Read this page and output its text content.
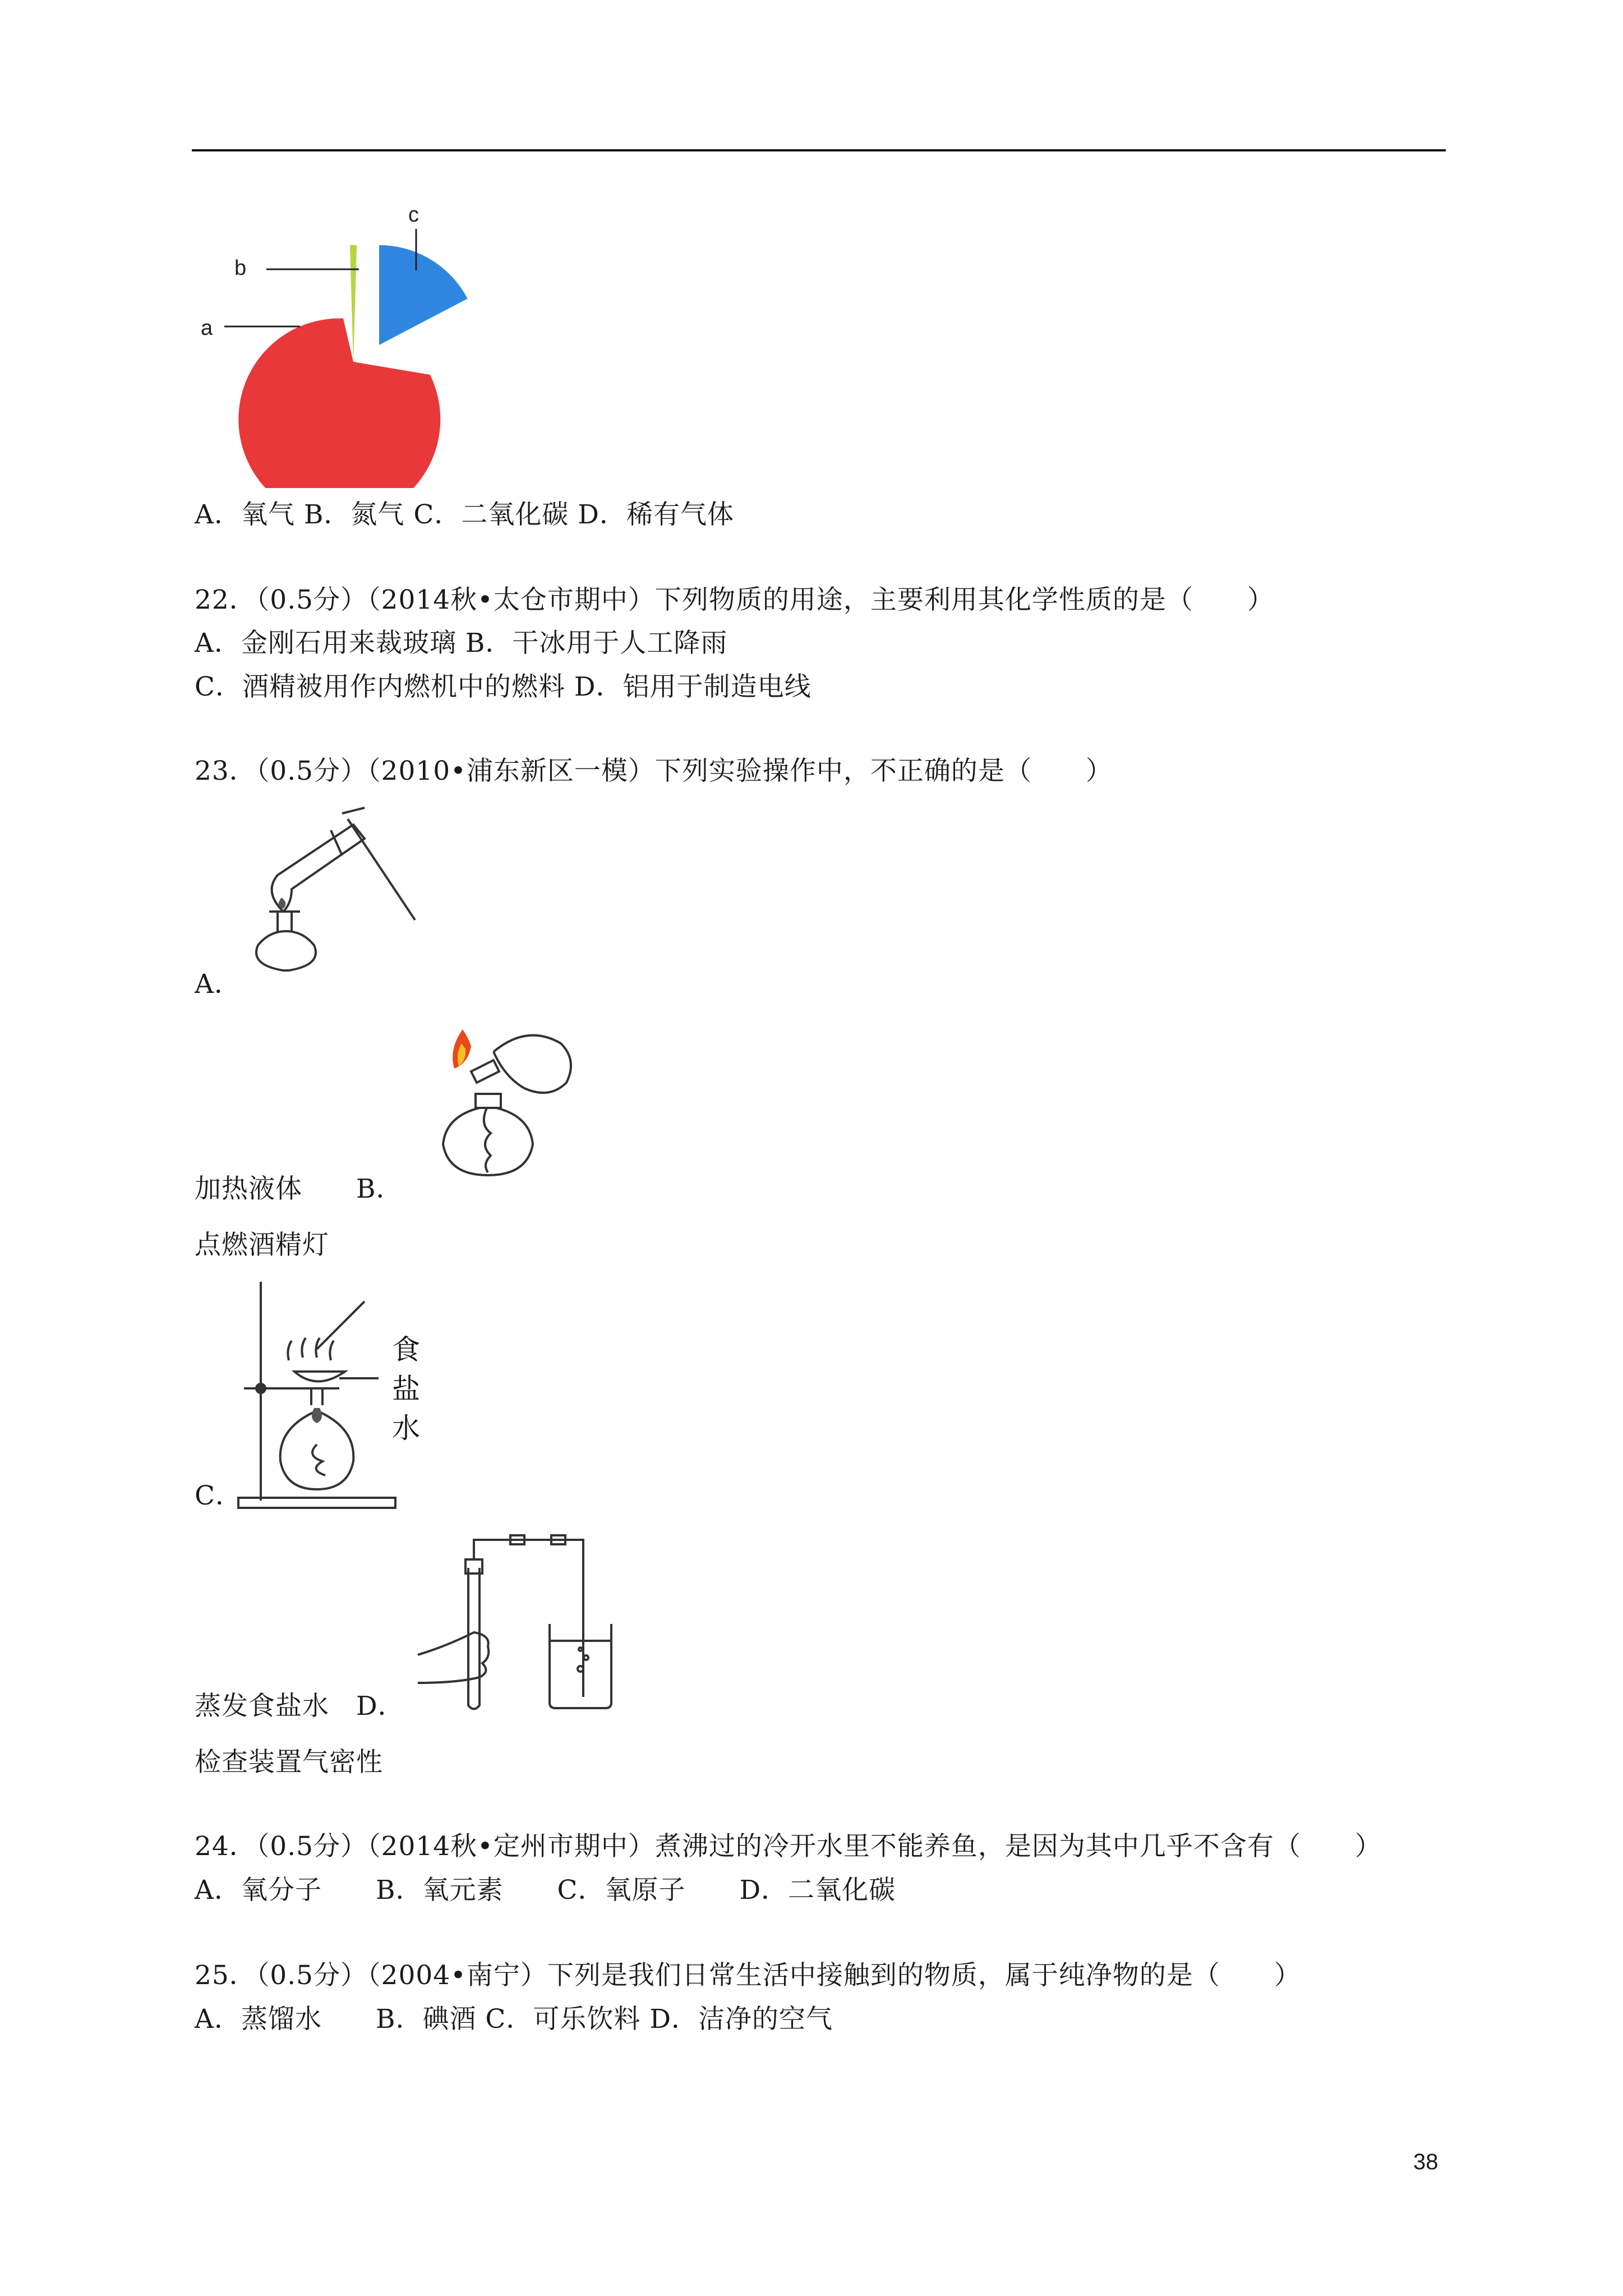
a
b
c
A．氧气 B．氮气 C．二氧化碳 D．稀有气体
22．（0.5分）（2014秋•太仓市期中）下列物质的用途，主要利用其化学性质的是（　　）
A．金刚石用来裁玻璃 B．干冰用于人工降雨
C．酒精被用作内燃机中的燃料 D．铝用于制造电线
23．（0.5分）（2010•浦东新区一模）下列实验操作中，不正确的是（　　）
A．
加热液体　　B．
点燃酒精灯
食
盐
水
C．
蒸发食盐水　D．
检查装置气密性
24．（0.5分）（2014秋•定州市期中）煮沸过的冷开水里不能养鱼，是因为其中几乎不含有（　　）
A．氧分子　　B．氧元素　　C．氧原子　　D．二氧化碳
25．（0.5分）（2004•南宁）下列是我们日常生活中接触到的物质，属于纯净物的是（　　）
A．蒸馏水　　B．碘酒 C．可乐饮料 D．洁净的空气
38
